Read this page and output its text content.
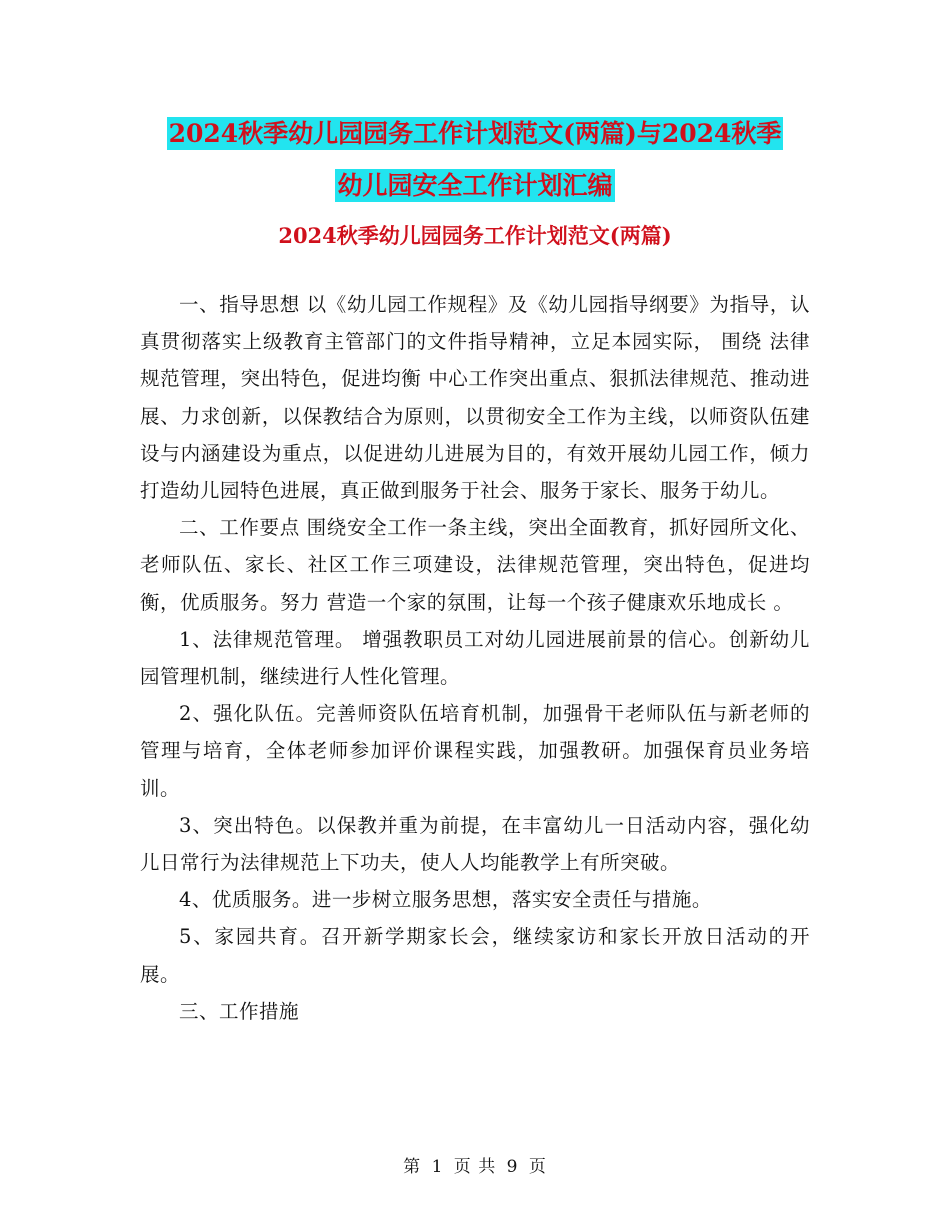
2024秋季幼儿园园务工作计划范文(两篇)与2024秋季
幼儿园安全工作计划汇编
2024秋季幼儿园园务工作计划范文(两篇)

一、指导思想 以《幼儿园工作规程》及《幼儿园指导纲要》为指导，认真贯彻落实上级教育主管部门的文件指导精神，立足本园实际， 围绕 法律规范管理，突出特色，促进均衡 中心工作突出重点、狠抓法律规范、推动进展、力求创新，以保教结合为原则，以贯彻安全工作为主线，以师资队伍建设与内涵建设为重点，以促进幼儿进展为目的，有效开展幼儿园工作，倾力打造幼儿园特色进展，真正做到服务于社会、服务于家长、服务于幼儿。

二、工作要点 围绕安全工作一条主线，突出全面教育，抓好园所文化、老师队伍、家长、社区工作三项建设，法律规范管理，突出特色，促进均衡，优质服务。努力 营造一个家的氛围，让每一个孩子健康欢乐地成长 。

1、法律规范管理。 增强教职员工对幼儿园进展前景的信心。创新幼儿园管理机制，继续进行人性化管理。

2、强化队伍。完善师资队伍培育机制，加强骨干老师队伍与新老师的管理与培育，全体老师参加评价课程实践，加强教研。加强保育员业务培训。

3、突出特色。以保教并重为前提，在丰富幼儿一日活动内容，强化幼儿日常行为法律规范上下功夫，使人人均能教学上有所突破。

4、优质服务。进一步树立服务思想，落实安全责任与措施。

5、家园共育。召开新学期家长会，继续家访和家长开放日活动的开展。

三、工作措施

第 1 页 共 9 页
